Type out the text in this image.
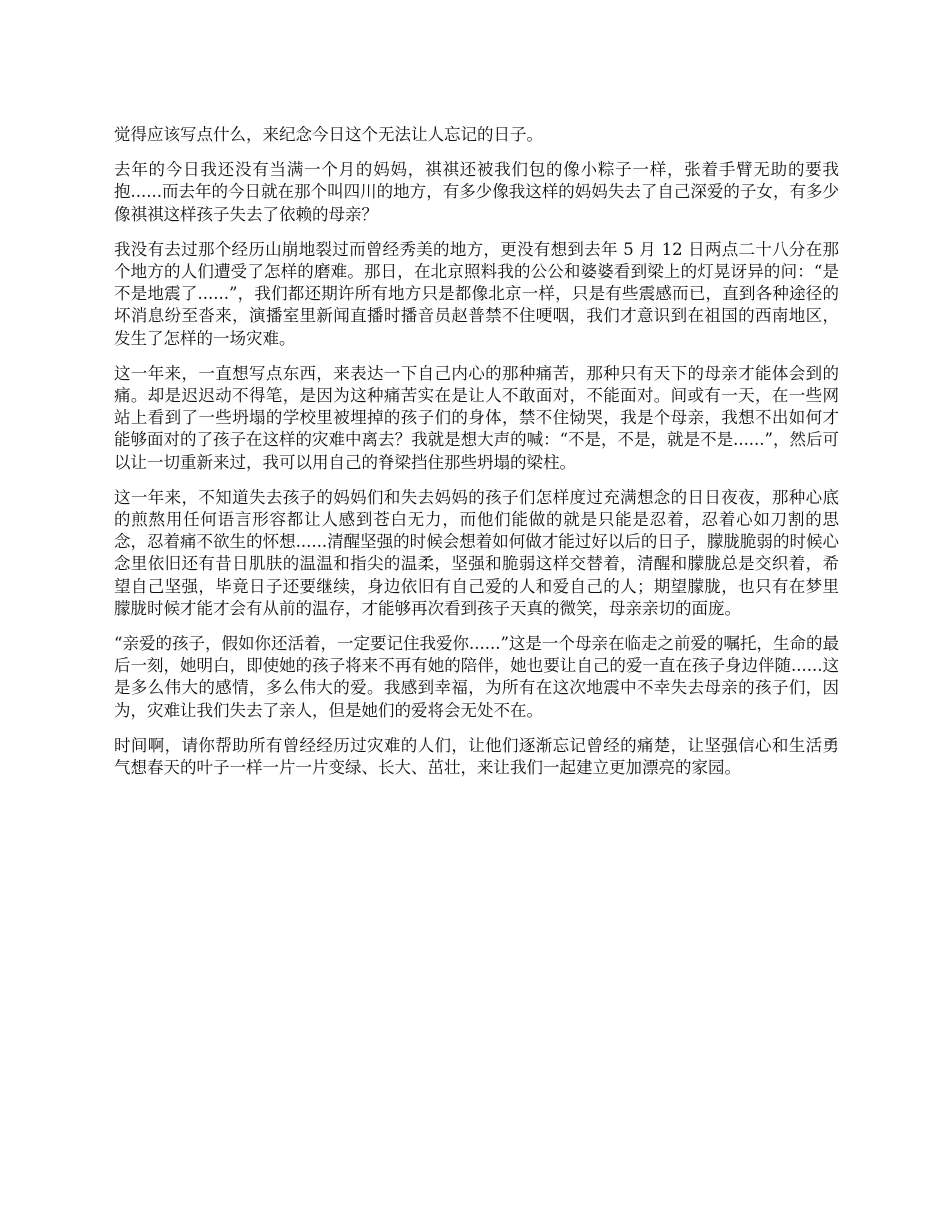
觉得应该写点什么，来纪念今日这个无法让人忘记的日子。

去年的今日我还没有当满一个月的妈妈，祺祺还被我们包的像小粽子一样，张着手臂无助的要我抱......而去年的今日就在那个叫四川的地方，有多少像我这样的妈妈失去了自己深爱的子女，有多少像祺祺这样孩子失去了依赖的母亲？

我没有去过那个经历山崩地裂过而曾经秀美的地方，更没有想到去年 5 月 12 日两点二十八分在那个地方的人们遭受了怎样的磨难。那日，在北京照料我的公公和婆婆看到梁上的灯晃讶异的问：“是不是地震了......”，我们都还期许所有地方只是都像北京一样，只是有些震感而已，直到各种途径的坏消息纷至沓来，演播室里新闻直播时播音员赵普禁不住哽咽，我们才意识到在祖国的西南地区，发生了怎样的一场灾难。

这一年来，一直想写点东西，来表达一下自己内心的那种痛苦，那种只有天下的母亲才能体会到的痛。却是迟迟动不得笔，是因为这种痛苦实在是让人不敢面对，不能面对。间或有一天，在一些网站上看到了一些坍塌的学校里被埋掉的孩子们的身体，禁不住恸哭，我是个母亲，我想不出如何才能够面对的了孩子在这样的灾难中离去？我就是想大声的喊：“不是，不是，就是不是......”，然后可以让一切重新来过，我可以用自己的脊梁挡住那些坍塌的梁柱。

这一年来，不知道失去孩子的妈妈们和失去妈妈的孩子们怎样度过充满想念的日日夜夜，那种心底的煎熬用任何语言形容都让人感到苍白无力，而他们能做的就是只能是忍着，忍着心如刀割的思念，忍着痛不欲生的怀想......清醒坚强的时候会想着如何做才能过好以后的日子，朦胧脆弱的时候心念里依旧还有昔日肌肤的温温和指尖的温柔，坚强和脆弱这样交替着，清醒和朦胧总是交织着，希望自己坚强，毕竟日子还要继续，身边依旧有自己爱的人和爱自己的人；期望朦胧，也只有在梦里朦胧时候才能才会有从前的温存，才能够再次看到孩子天真的微笑，母亲亲切的面庞。

“亲爱的孩子，假如你还活着，一定要记住我爱你......”这是一个母亲在临走之前爱的嘱托，生命的最后一刻，她明白，即使她的孩子将来不再有她的陪伴，她也要让自己的爱一直在孩子身边伴随......这是多么伟大的感情，多么伟大的爱。我感到幸福，为所有在这次地震中不幸失去母亲的孩子们，因为，灾难让我们失去了亲人，但是她们的爱将会无处不在。

时间啊，请你帮助所有曾经经历过灾难的人们，让他们逐渐忘记曾经的痛楚，让坚强信心和生活勇气想春天的叶子一样一片一片变绿、长大、茁壮，来让我们一起建立更加漂亮的家园。
